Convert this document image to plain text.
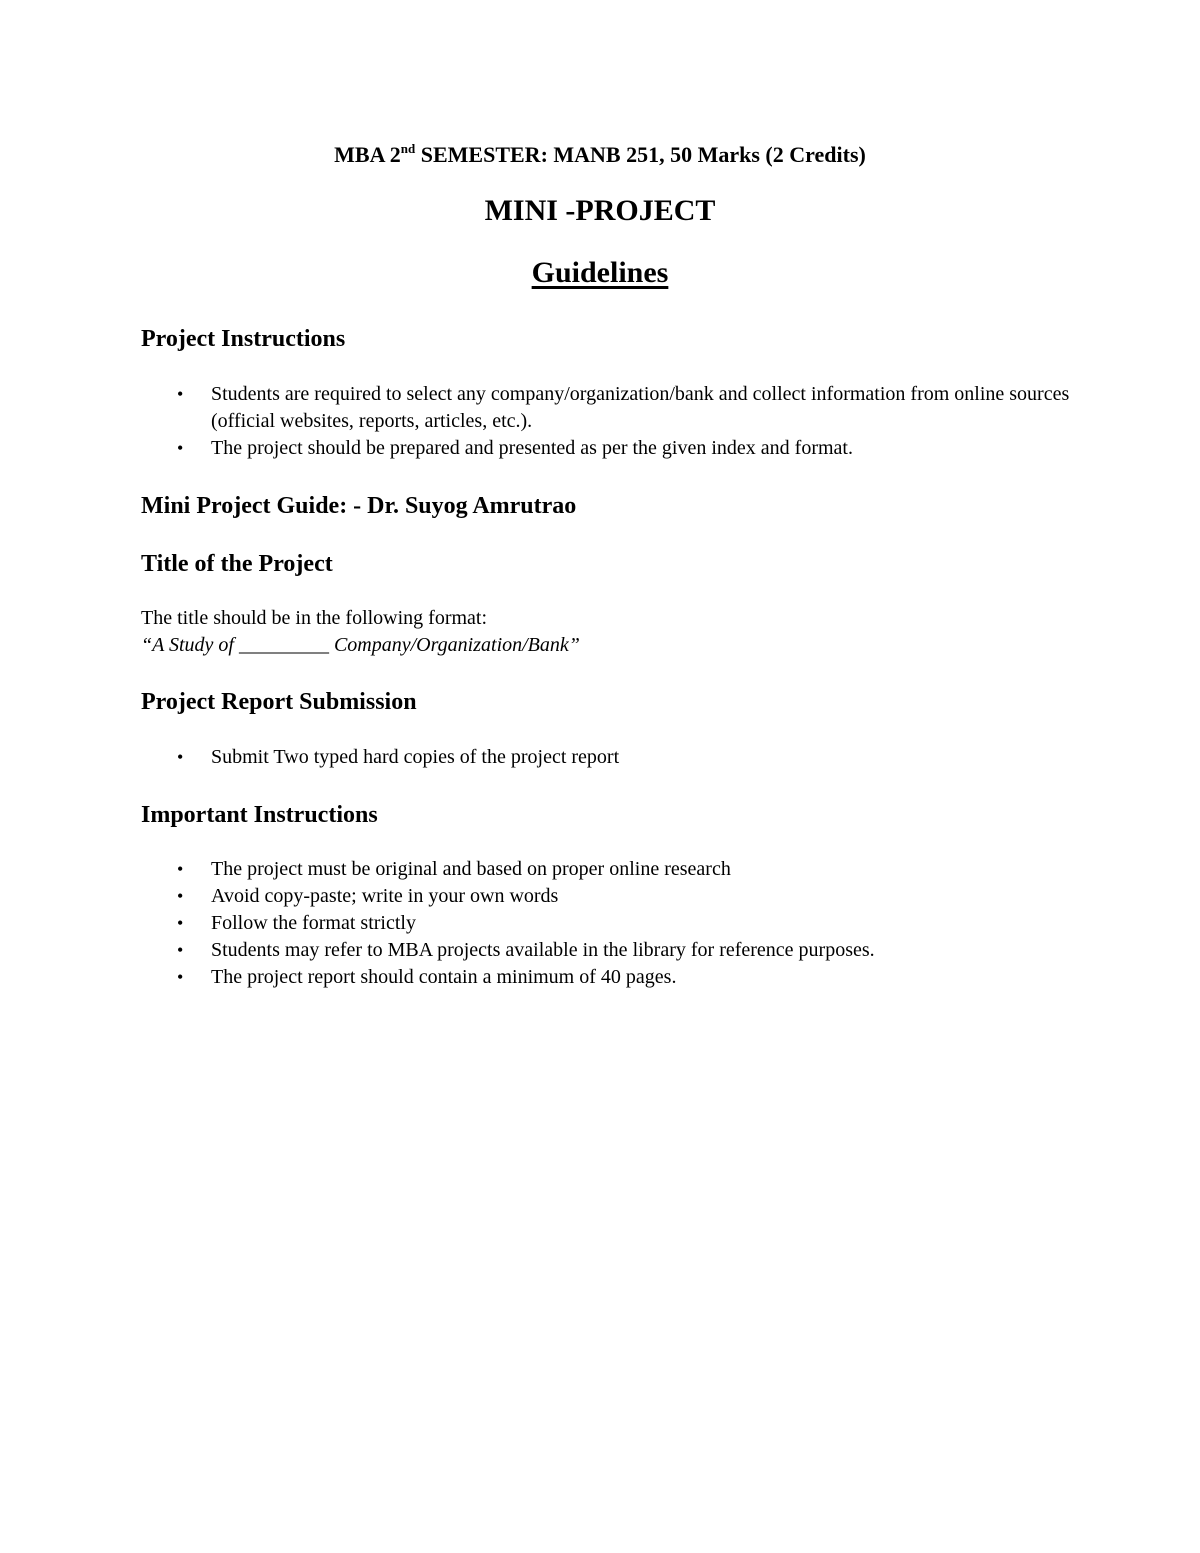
MBA 2nd SEMESTER: MANB 251, 50 Marks (2 Credits)
MINI -PROJECT
Guidelines
Project Instructions
• Students are required to select any company/organization/bank and collect information from online sources (official websites, reports, articles, etc.).
• The project should be prepared and presented as per the given index and format.
Mini Project Guide: - Dr. Suyog Amrutrao
Title of the Project
The title should be in the following format:
“A Study of _________ Company/Organization/Bank”
Project Report Submission
• Submit Two typed hard copies of the project report
Important Instructions
• The project must be original and based on proper online research
• Avoid copy-paste; write in your own words
• Follow the format strictly
• Students may refer to MBA projects available in the library for reference purposes.
• The project report should contain a minimum of 40 pages.
